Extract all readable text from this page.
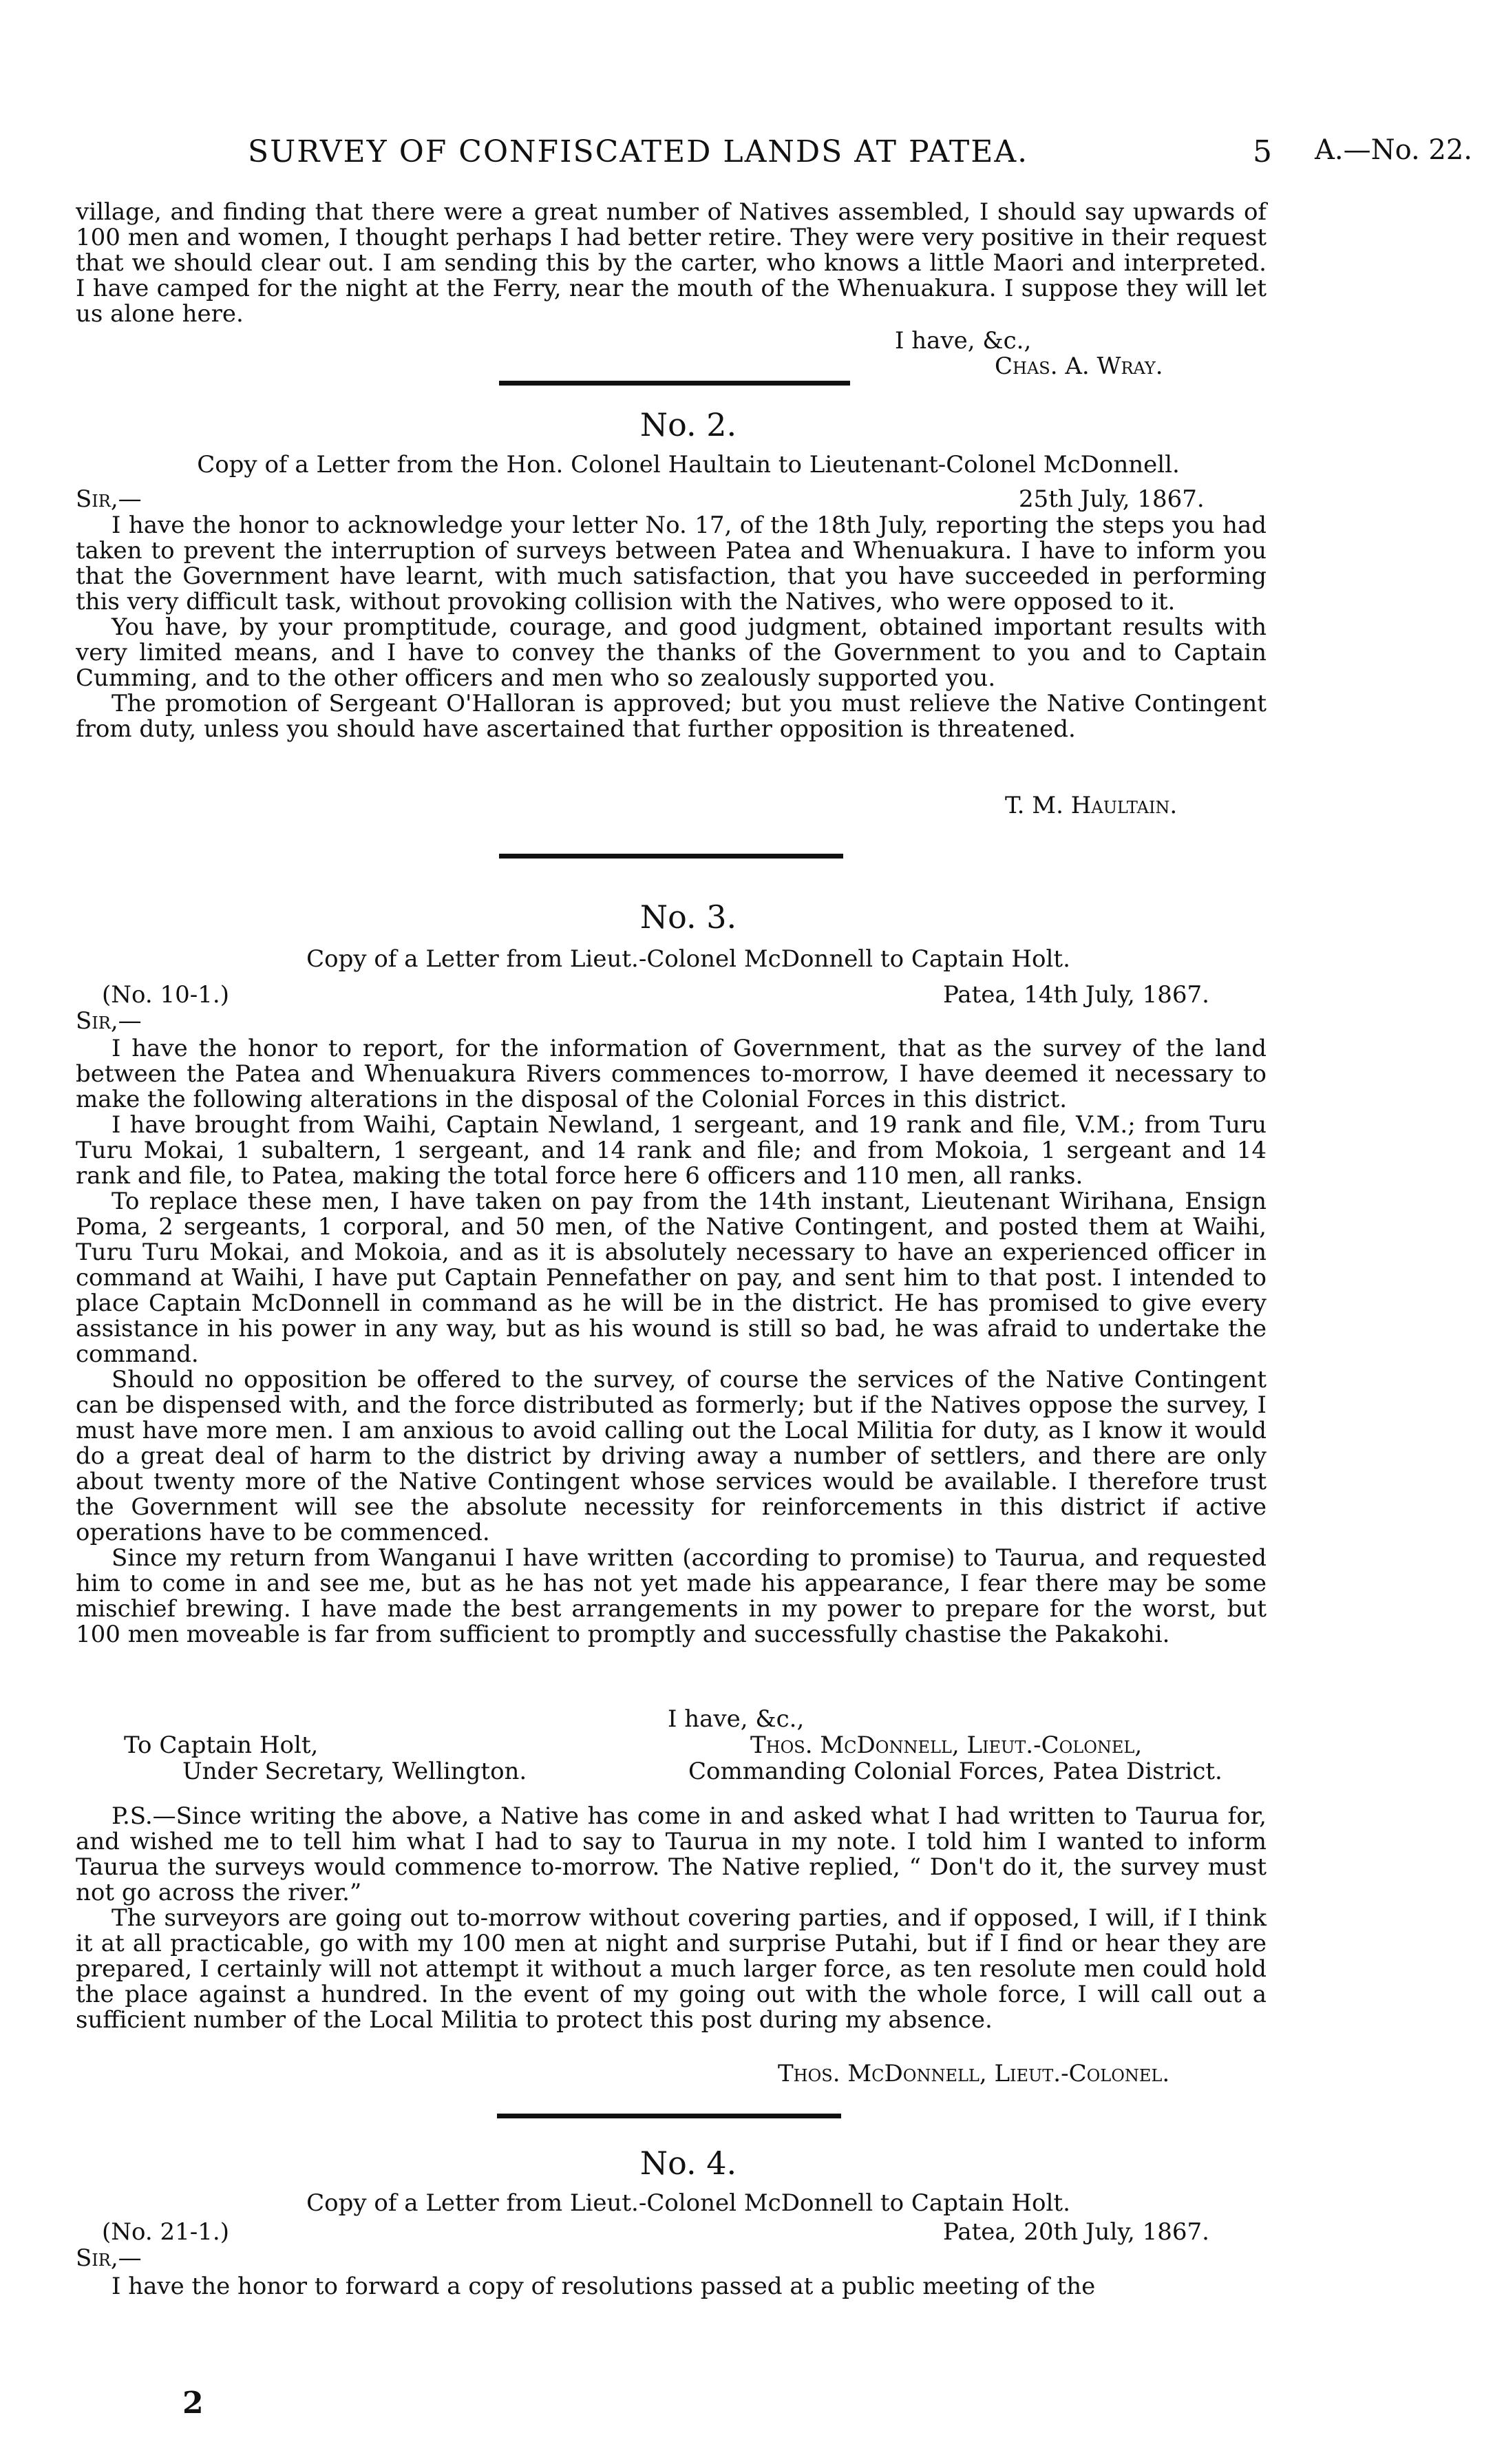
SURVEY OF CONFISCATED LANDS AT PATEA.	5 A.—No. 22.

village, and finding that there were a great number of Natives assembled, I should say upwards of 100 men and women, I thought perhaps I had better retire. They were very positive in their request that we should clear out. I am sending this by the carter, who knows a little Maori and interpreted. I have camped for the night at the Ferry, near the mouth of the Whenuakura. I suppose they will let us alone here.

I have, &c.,
Chas. A. Wray.
No. 2.
Copy of a Letter from the Hon. Colonel Haultain to Lieutenant-Colonel McDonnell.
Sir,—	25th July, 1867.

I have the honor to acknowledge your letter No. 17, of the 18th July, reporting the steps you had taken to prevent the interruption of surveys between Patea and Whenuakura. I have to inform you that the Government have learnt, with much satisfaction, that you have succeeded in performing this very difficult task, without provoking collision with the Natives, who were opposed to it.

You have, by your promptitude, courage, and good judgment, obtained important results with very limited means, and I have to convey the thanks of the Government to you and to Captain Cumming, and to the other officers and men who so zealously supported you.

The promotion of Sergeant O'Halloran is approved; but you must relieve the Native Contingent from duty, unless you should have ascertained that further opposition is threatened.

T. M. Haultain.
No. 3.
Copy of a Letter from Lieut.-Colonel McDonnell to Captain Holt.
(No. 10-1.)	Patea, 14th July, 1867.
Sir,—

I have the honor to report, for the information of Government, that as the survey of the land between the Patea and Whenuakura Rivers commences to-morrow, I have deemed it necessary to make the following alterations in the disposal of the Colonial Forces in this district.

I have brought from Waihi, Captain Newland, 1 sergeant, and 19 rank and file, V.M.; from Turu Turu Mokai, 1 subaltern, 1 sergeant, and 14 rank and file; and from Mokoia, 1 sergeant and 14 rank and file, to Patea, making the total force here 6 officers and 110 men, all ranks.

To replace these men, I have taken on pay from the 14th instant, Lieutenant Wirihana, Ensign Poma, 2 sergeants, 1 corporal, and 50 men, of the Native Contingent, and posted them at Waihi, Turu Turu Mokai, and Mokoia, and as it is absolutely necessary to have an experienced officer in command at Waihi, I have put Captain Pennefather on pay, and sent him to that post. I intended to place Captain McDonnell in command as he will be in the district. He has promised to give every assistance in his power in any way, but as his wound is still so bad, he was afraid to undertake the command.

Should no opposition be offered to the survey, of course the services of the Native Contingent can be dispensed with, and the force distributed as formerly; but if the Natives oppose the survey, I must have more men. I am anxious to avoid calling out the Local Militia for duty, as I know it would do a great deal of harm to the district by driving away a number of settlers, and there are only about twenty more of the Native Contingent whose services would be available. I therefore trust the Government will see the absolute necessity for reinforcements in this district if active operations have to be commenced.

Since my return from Wanganui I have written (according to promise) to Taurua, and requested him to come in and see me, but as he has not yet made his appearance, I fear there may be some mischief brewing. I have made the best arrangements in my power to prepare for the worst, but 100 men moveable is far from sufficient to promptly and successfully chastise the Pakakohi.

I have, &c.,
To Captain Holt,
Under Secretary, Wellington.
Thos. McDonnell, Lieut.-Colonel,
Commanding Colonial Forces, Patea District.

P.S.—Since writing the above, a Native has come in and asked what I had written to Taurua for, and wished me to tell him what I had to say to Taurua in my note. I told him I wanted to inform Taurua the surveys would commence to-morrow. The Native replied, “ Don't do it, the survey must not go across the river.”

The surveyors are going out to-morrow without covering parties, and if opposed, I will, if I think it at all practicable, go with my 100 men at night and surprise Putahi, but if I find or hear they are prepared, I certainly will not attempt it without a much larger force, as ten resolute men could hold the place against a hundred. In the event of my going out with the whole force, I will call out a sufficient number of the Local Militia to protect this post during my absence.

Thos. McDonnell, Lieut.-Colonel.
No. 4.
Copy of a Letter from Lieut.-Colonel McDonnell to Captain Holt.
(No. 21-1.)	Patea, 20th July, 1867.
Sir,—

I have the honor to forward a copy of resolutions passed at a public meeting of the

2
